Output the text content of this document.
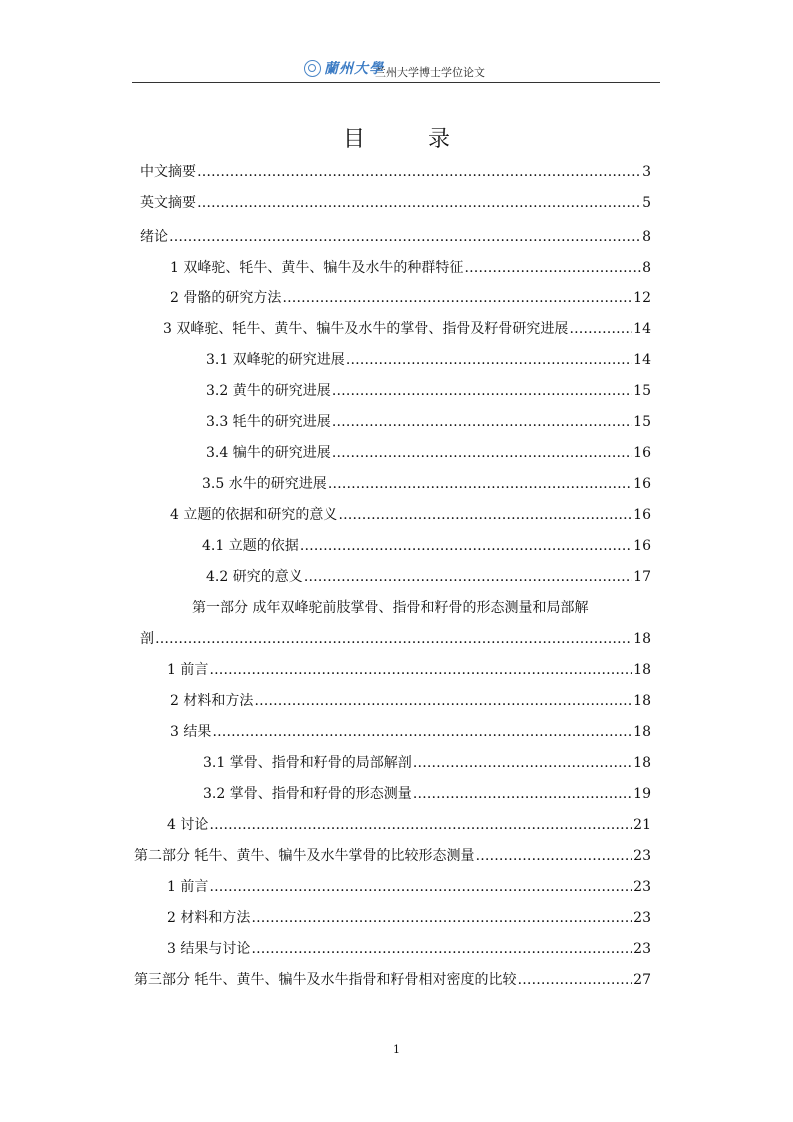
蘭州大學
兰州大学博士学位论文
目 录
中文摘要 ……………………………………………………………………………………………………………………………………………………………………………………………………………	3
英文摘要 ……………………………………………………………………………………………………………………………………………………………………………………………………………	5
绪论 ……………………………………………………………………………………………………………………………………………………………………………………………………………	8
1 双峰驼、牦牛、黄牛、犏牛及水牛的种群特征 ……………………………………………………………………………………………………………………………………………………………………………………………………………	8
2 骨骼的研究方法 ……………………………………………………………………………………………………………………………………………………………………………………………………………	12
3 双峰驼、牦牛、黄牛、犏牛及水牛的掌骨、指骨及籽骨研究进展 ……………………………………………………………………………………………………………………………………………………………………………………………………………	14
3.1 双峰驼的研究进展 ……………………………………………………………………………………………………………………………………………………………………………………………………………	14
3.2 黄牛的研究进展 ……………………………………………………………………………………………………………………………………………………………………………………………………………	15
3.3 牦牛的研究进展 ……………………………………………………………………………………………………………………………………………………………………………………………………………	15
3.4 犏牛的研究进展 ……………………………………………………………………………………………………………………………………………………………………………………………………………	16
3.5 水牛的研究进展 ……………………………………………………………………………………………………………………………………………………………………………………………………………	16
4 立题的依据和研究的意义 ……………………………………………………………………………………………………………………………………………………………………………………………………………	16
4.1 立题的依据 ……………………………………………………………………………………………………………………………………………………………………………………………………………	16
4.2 研究的意义 ……………………………………………………………………………………………………………………………………………………………………………………………………………	17
第一部分 成年双峰驼前肢掌骨、指骨和籽骨的形态测量和局部解
剖 ……………………………………………………………………………………………………………………………………………………………………………………………………………	18
1 前言 ……………………………………………………………………………………………………………………………………………………………………………………………………………	18
2 材料和方法 ……………………………………………………………………………………………………………………………………………………………………………………………………………	18
3 结果 ……………………………………………………………………………………………………………………………………………………………………………………………………………	18
3.1 掌骨、指骨和籽骨的局部解剖 ……………………………………………………………………………………………………………………………………………………………………………………………………………	18
3.2 掌骨、指骨和籽骨的形态测量 ……………………………………………………………………………………………………………………………………………………………………………………………………………	19
4 讨论 ……………………………………………………………………………………………………………………………………………………………………………………………………………	21
第二部分 牦牛、黄牛、犏牛及水牛掌骨的比较形态测量 ……………………………………………………………………………………………………………………………………………………………………………………………………………	23
1 前言 ……………………………………………………………………………………………………………………………………………………………………………………………………………	23
2 材料和方法 ……………………………………………………………………………………………………………………………………………………………………………………………………………	23
3 结果与讨论 ……………………………………………………………………………………………………………………………………………………………………………………………………………	23
第三部分 牦牛、黄牛、犏牛及水牛指骨和籽骨相对密度的比较 ……………………………………………………………………………………………………………………………………………………………………………………………………………	27
1
